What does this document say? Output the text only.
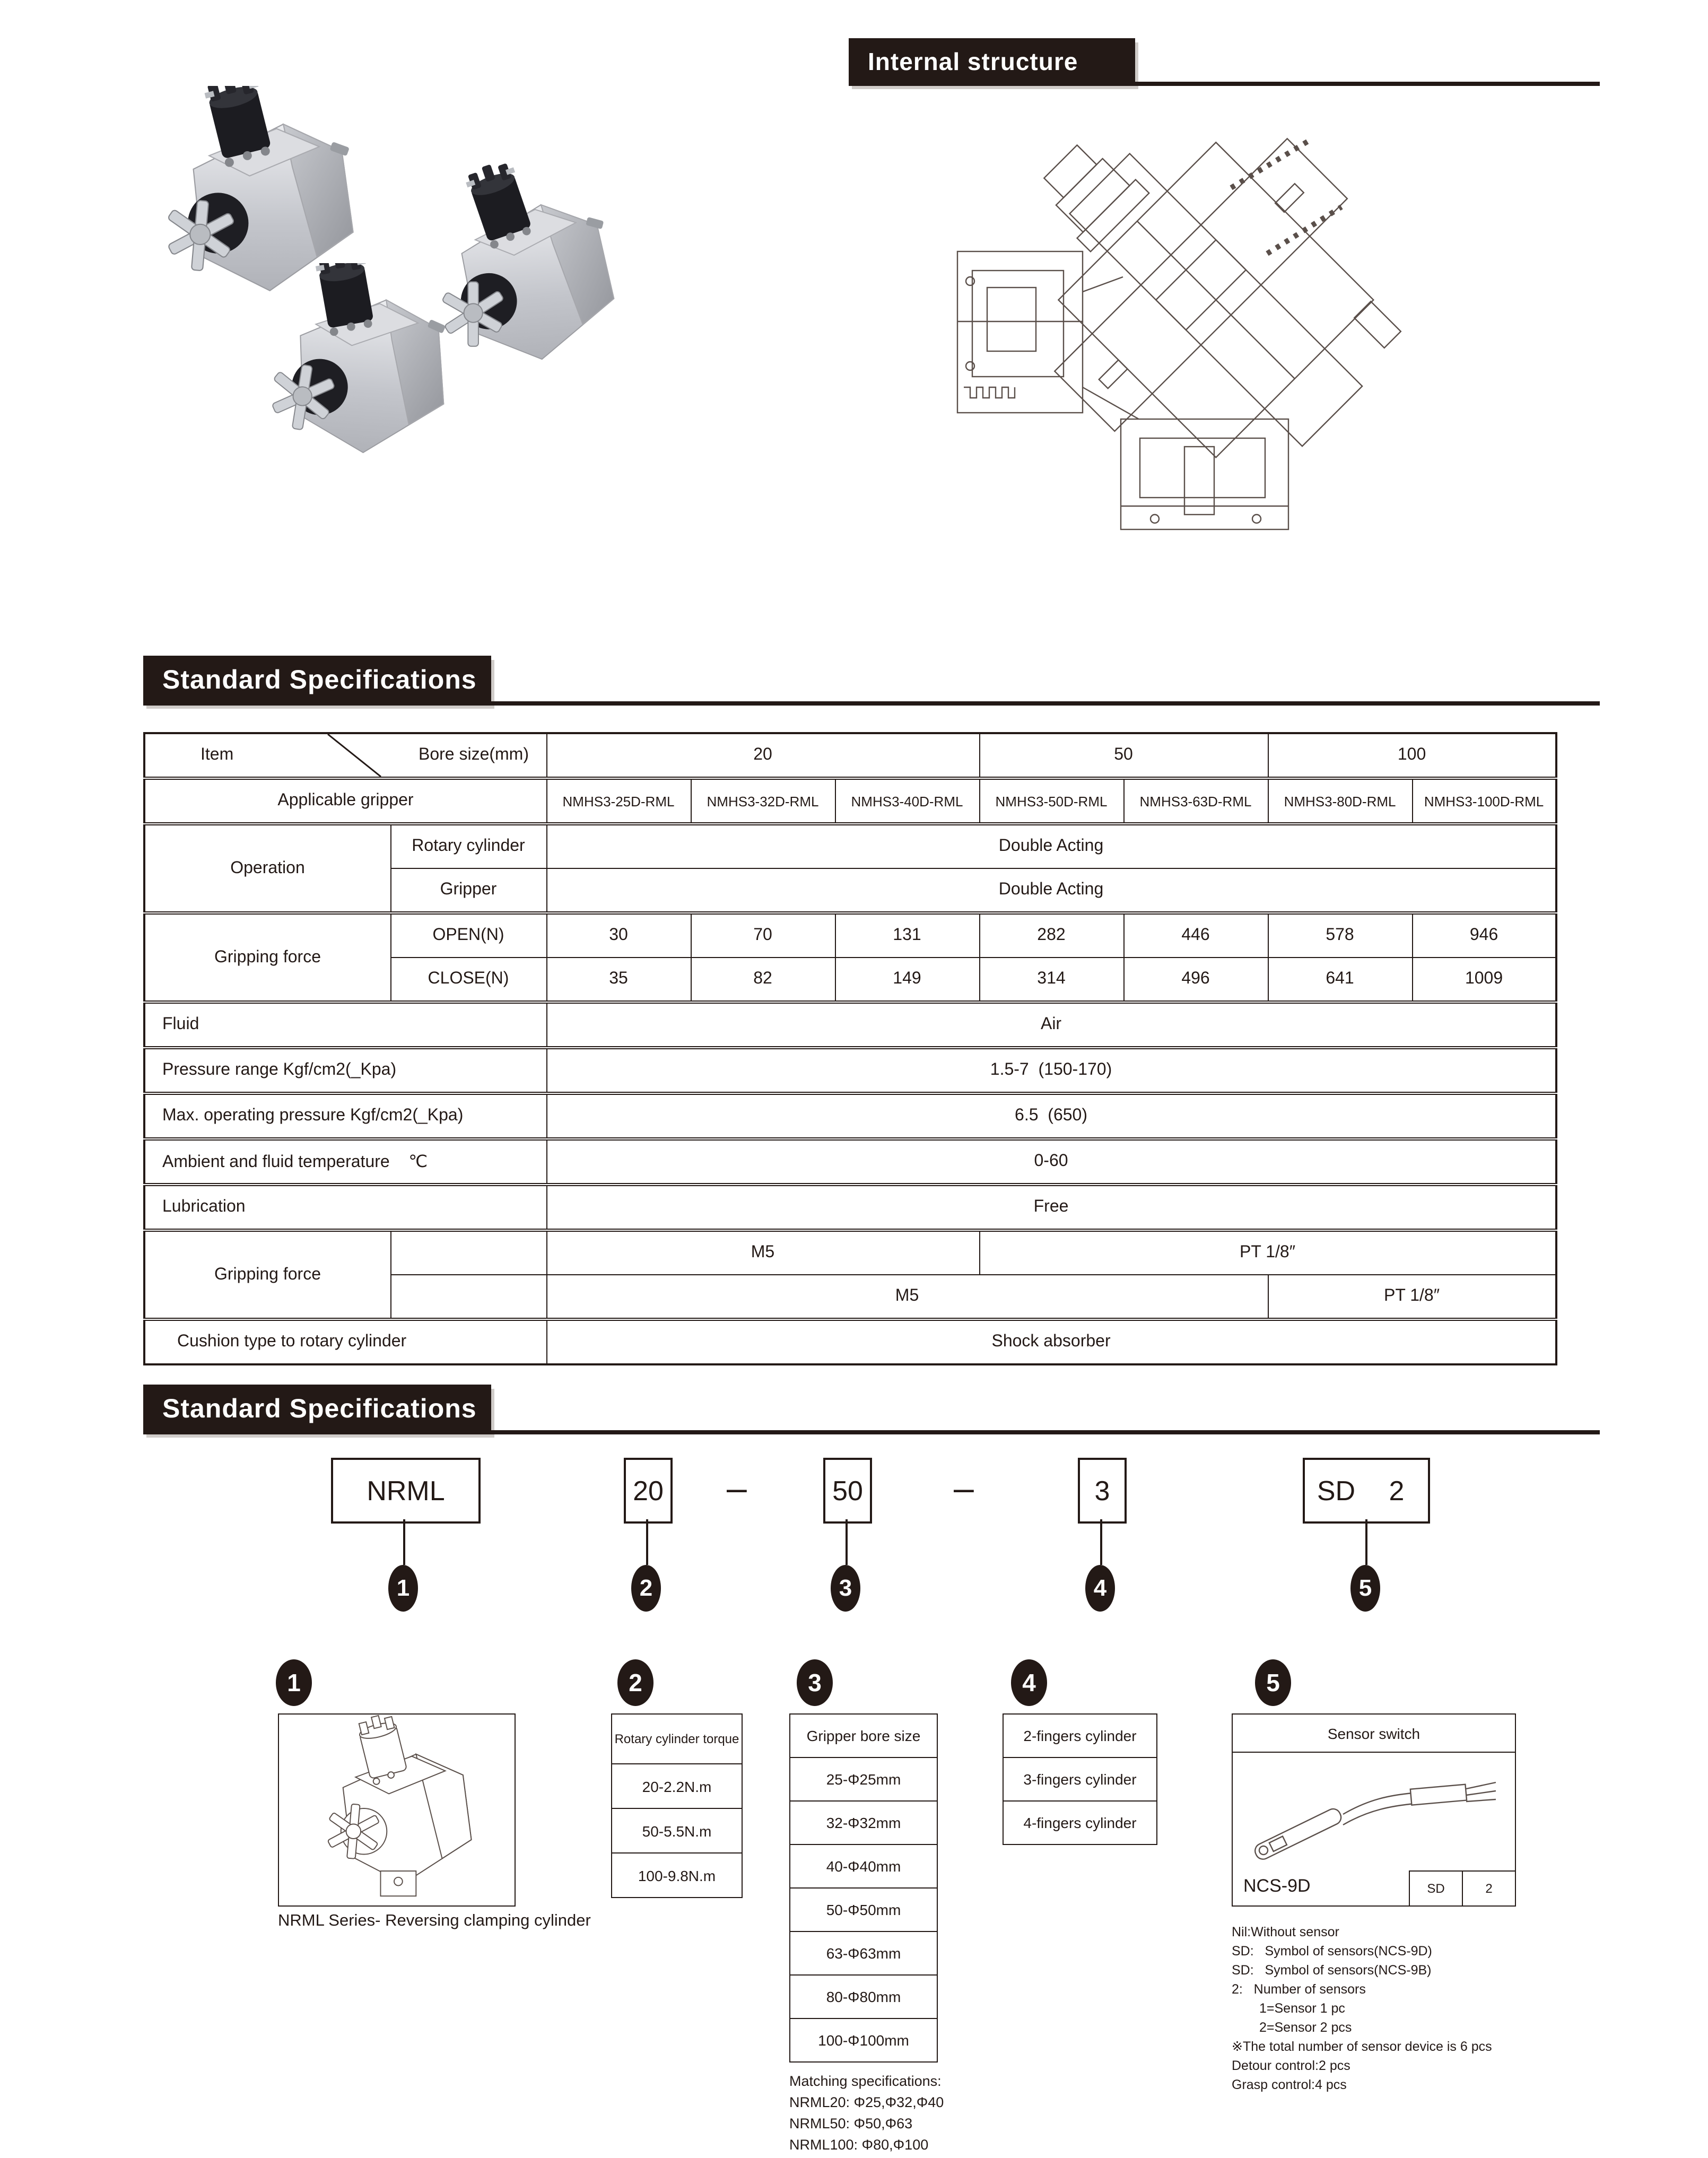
Internal structure
Standard Specifications
Item Bore size(mm)		20			50		100	
Applicable gripper		NMHS3-25D-RML	NMHS3-32D-RML	NMHS3-40D-RML	NMHS3-50D-RML	NMHS3-63D-RML	NMHS3-80D-RML	NMHS3-100D-RML
Operation	Rotary cylinder	Double Acting						
	Gripper	Double Acting						
Gripping force	OPEN(N)	30	70	131	282	446	578	946
	CLOSE(N)	35	82	149	314	496	641	1009
Fluid		Air						
Pressure range Kgf/cm2(_Kpa)		1.5-7  (150-170)						
Max. operating pressure Kgf/cm2(_Kpa)		6.5  (650)						
Ambient and fluid temperature    ℃		0-60						
Lubrication		Free						
Gripping force		M5			PT 1/8″			
		M5					PT 1/8″	
Cushion type to rotary cylinder		Shock absorber						
Standard Specifications
NRML	20	–	50	–	3	SD 2
1	2	3	4	5
1	2	3	4	5
NRML Series- Reversing clamping cylinder
Rotary cylinder torque
20-2.2N.m
50-5.5N.m
100-9.8N.m
Gripper bore size
25-Φ25mm
32-Φ32mm
40-Φ40mm
50-Φ50mm
63-Φ63mm
80-Φ80mm
100-Φ100mm
Matching specifications:
NRML20: Φ25,Φ32,Φ40
NRML50: Φ50,Φ63
NRML100: Φ80,Φ100
2-fingers cylinder
3-fingers cylinder
4-fingers cylinder
Sensor switch
NCS-9D	SD	2
Nil:Without sensor
SD:   Symbol of sensors(NCS-9D)
SD:   Symbol of sensors(NCS-9B)
2:   Number of sensors
1=Sensor 1 pc
2=Sensor 2 pcs
※The total number of sensor device is 6 pcs
Detour control:2 pcs
Grasp control:4 pcs
